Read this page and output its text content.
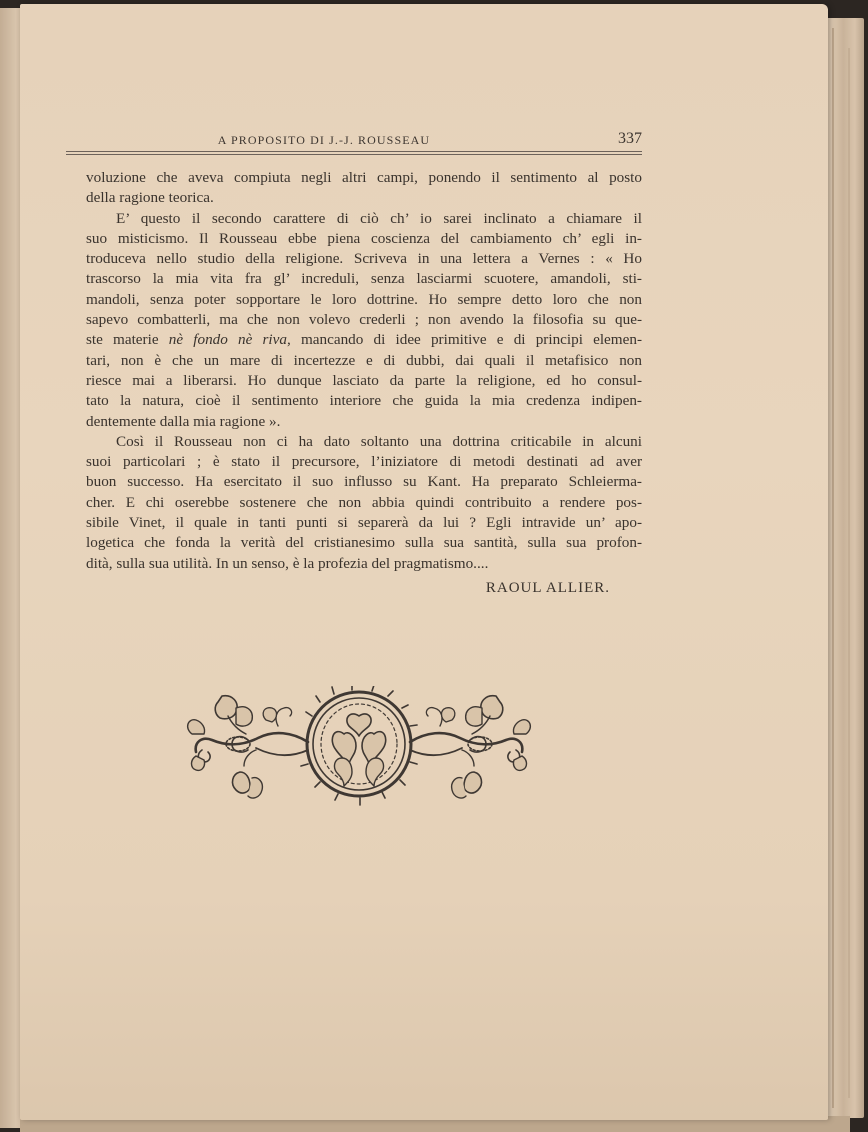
A PROPOSITO DI J.-J. ROUSSEAU	337
voluzione che aveva compiuta negli altri campi, ponendo il sentimento al posto
della ragione teorica.
E’ questo il secondo carattere di ciò ch’ io sarei inclinato a chiamare il
suo misticismo. Il Rousseau ebbe piena coscienza del cambiamento ch’ egli in-
troduceva nello studio della religione. Scriveva in una lettera a Vernes : « Ho
trascorso la mia vita fra gl’ increduli, senza lasciarmi scuotere, amandoli, sti-
mandoli, senza poter sopportare le loro dottrine. Ho sempre detto loro che non
sapevo combatterli, ma che non volevo crederli ; non avendo la filosofia su que-
ste materie nè fondo nè riva, mancando di idee primitive e di principi elemen-
tari, non è che un mare di incertezze e di dubbi, dai quali il metafisico non
riesce mai a liberarsi. Ho dunque lasciato da parte la religione, ed ho consul-
tato la natura, cioè il sentimento interiore che guida la mia credenza indipen-
dentemente dalla mia ragione ».
Così il Rousseau non ci ha dato soltanto una dottrina criticabile in alcuni
suoi particolari ; è stato il precursore, l’iniziatore di metodi destinati ad aver
buon successo. Ha esercitato il suo influsso su Kant. Ha preparato Schleierma-
cher. E chi oserebbe sostenere che non abbia quindi contribuito a rendere pos-
sibile Vinet, il quale in tanti punti si separerà da lui ? Egli intravide un’ apo-
logetica che fonda la verità del cristianesimo sulla sua santità, sulla sua profon-
dità, sulla sua utilità. In un senso, è la profezia del pragmatismo....
RAOUL ALLIER.
